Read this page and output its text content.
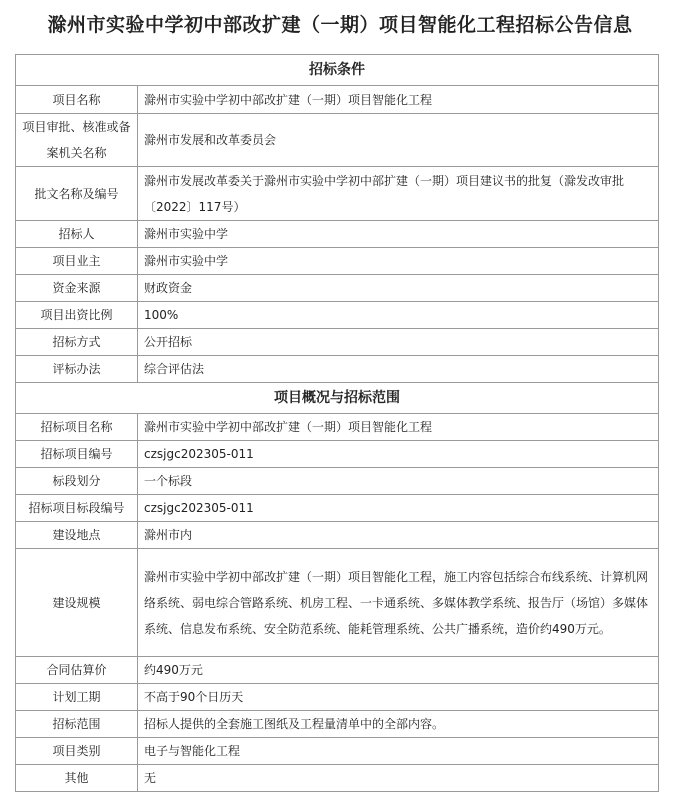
滁州市实验中学初中部改扩建（一期）项目智能化工程招标公告信息
招标条件	
项目名称	滁州市实验中学初中部改扩建（一期）项目智能化工程
项目审批、核准或备案机关名称	滁州市发展和改革委员会
批文名称及编号	滁州市发展改革委关于滁州市实验中学初中部扩建（一期）项目建议书的批复（滁发改审批〔2022〕117号）
招标人	滁州市实验中学
项目业主	滁州市实验中学
资金来源	财政资金
项目出资比例	100%
招标方式	公开招标
评标办法	综合评估法
项目概况与招标范围	
招标项目名称	滁州市实验中学初中部改扩建（一期）项目智能化工程
招标项目编号	czsjgc202305-011
标段划分	一个标段
招标项目标段编号	czsjgc202305-011
建设地点	滁州市内
建设规模	滁州市实验中学初中部改扩建（一期）项目智能化工程，施工内容包括综合布线系统、计算机网络系统、弱电综合管路系统、机房工程、一卡通系统、多媒体教学系统、报告厅（场馆）多媒体系统、信息发布系统、安全防范系统、能耗管理系统、公共广播系统，造价约490万元。
合同估算价	约490万元
计划工期	不高于90个日历天
招标范围	招标人提供的全套施工图纸及工程量清单中的全部内容。
项目类别	电子与智能化工程
其他	无
